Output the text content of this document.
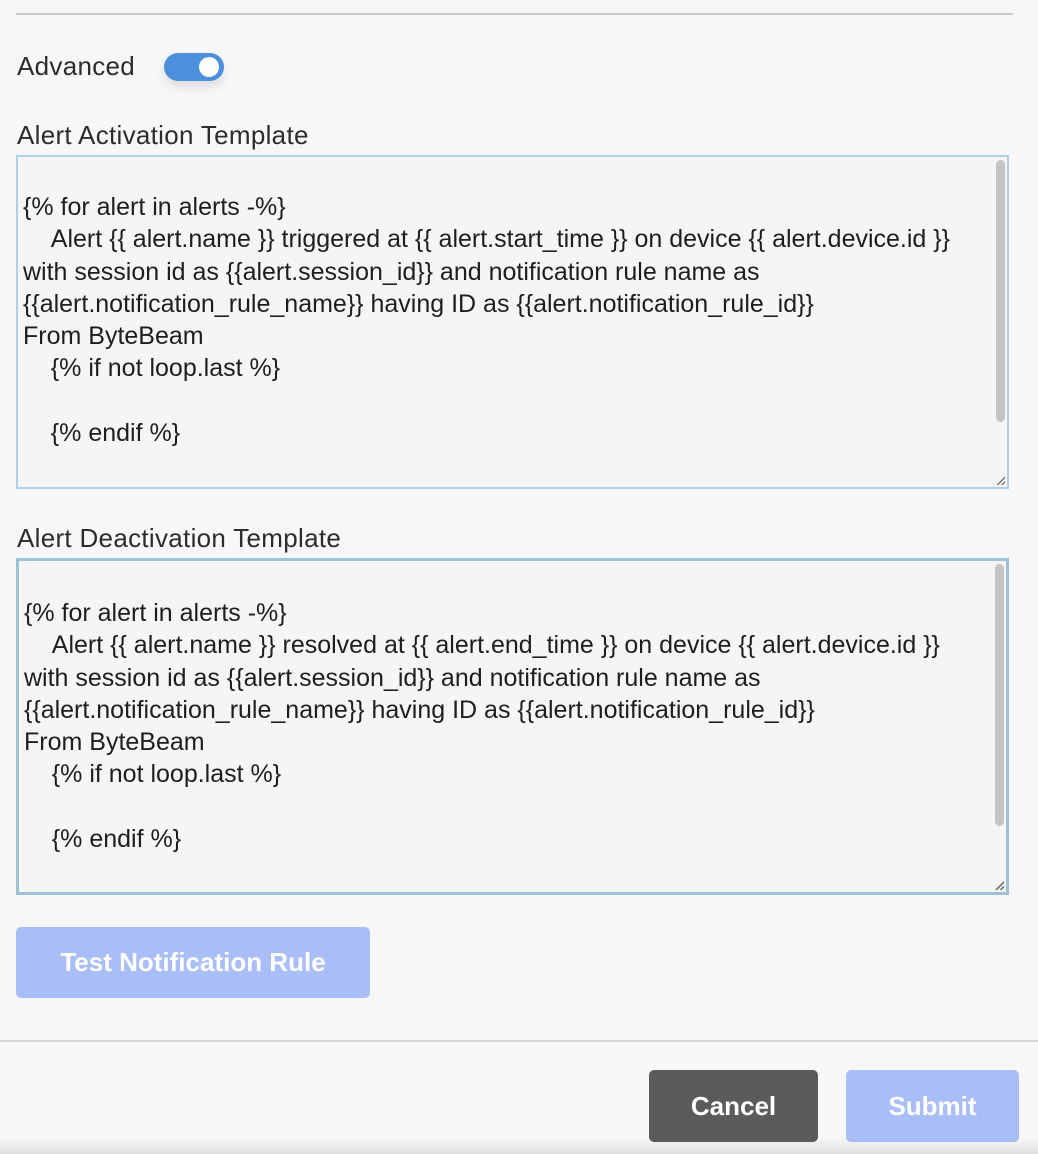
Advanced
Alert Activation Template
{% for alert in alerts -%}
Alert {{ alert.name }} triggered at {{ alert.start_time }} on device {{ alert.device.id }} with session id as {{alert.session_id}} and notification rule name as {{alert.notification_rule_name}} having ID as {{alert.notification_rule_id}}
From ByteBeam
{% if not loop.last %}

{% endif %}
Alert Deactivation Template
{% for alert in alerts -%}
Alert {{ alert.name }} resolved at {{ alert.end_time }} on device {{ alert.device.id }} with session id as {{alert.session_id}} and notification rule name as {{alert.notification_rule_name}} having ID as {{alert.notification_rule_id}}
From ByteBeam
{% if not loop.last %}

{% endif %}
Test Notification Rule
Cancel	Submit
